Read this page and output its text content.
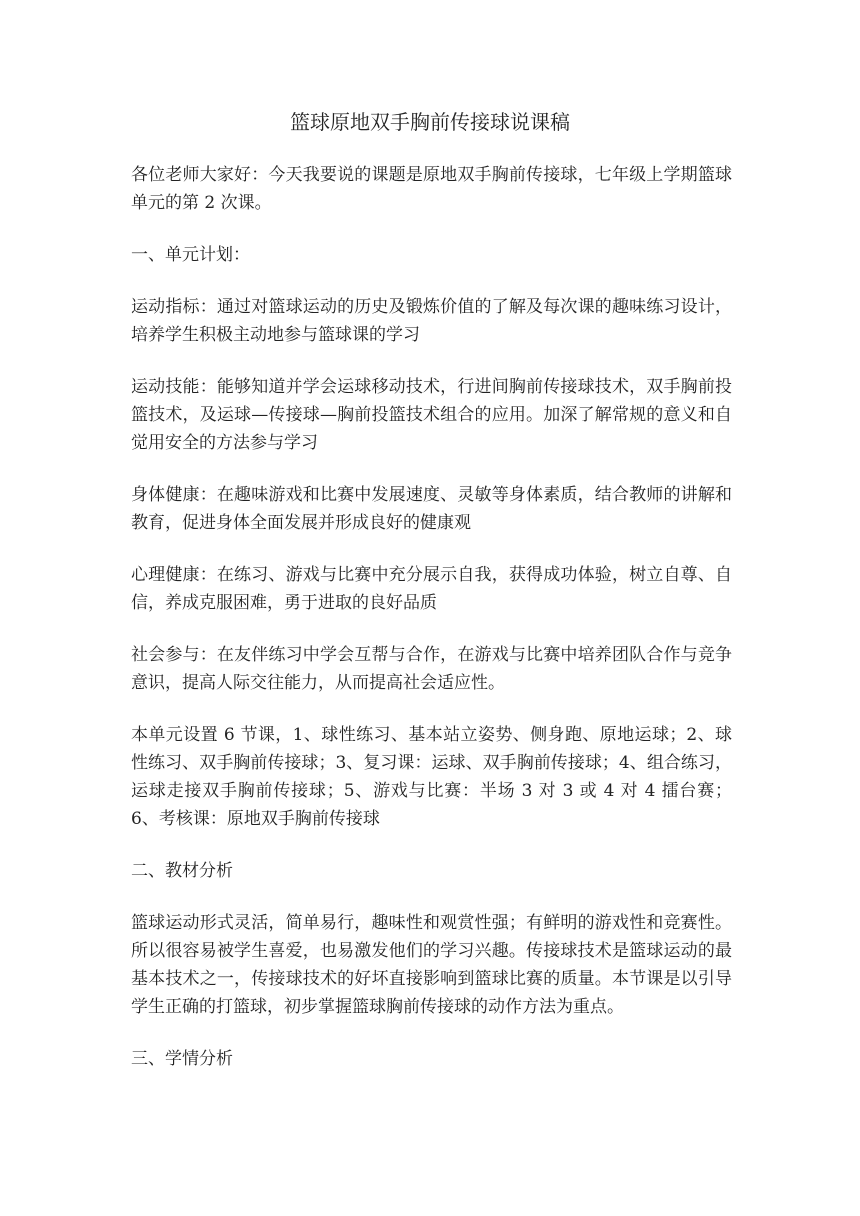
篮球原地双手胸前传接球说课稿

各位老师大家好：今天我要说的课题是原地双手胸前传接球，七年级上学期篮球单元的第 2 次课。

一、单元计划：

运动指标：通过对篮球运动的历史及锻炼价值的了解及每次课的趣味练习设计，培养学生积极主动地参与篮球课的学习

运动技能：能够知道并学会运球移动技术，行进间胸前传接球技术，双手胸前投篮技术，及运球—传接球—胸前投篮技术组合的应用。加深了解常规的意义和自觉用安全的方法参与学习

身体健康：在趣味游戏和比赛中发展速度、灵敏等身体素质，结合教师的讲解和教育，促进身体全面发展并形成良好的健康观

心理健康：在练习、游戏与比赛中充分展示自我，获得成功体验，树立自尊、自信，养成克服困难，勇于进取的良好品质

社会参与：在友伴练习中学会互帮与合作，在游戏与比赛中培养团队合作与竞争意识，提高人际交往能力，从而提高社会适应性。

本单元设置 6 节课，1、球性练习、基本站立姿势、侧身跑、原地运球；2、球性练习、双手胸前传接球；3、复习课：运球、双手胸前传接球；4、组合练习，运球走接双手胸前传接球；5、游戏与比赛：半场 3 对 3 或 4 对 4 擂台赛；6、考核课：原地双手胸前传接球

二、教材分析

篮球运动形式灵活，简单易行，趣味性和观赏性强；有鲜明的游戏性和竞赛性。所以很容易被学生喜爱，也易激发他们的学习兴趣。传接球技术是篮球运动的最基本技术之一，传接球技术的好坏直接影响到篮球比赛的质量。本节课是以引导学生正确的打篮球，初步掌握篮球胸前传接球的动作方法为重点。

三、学情分析
